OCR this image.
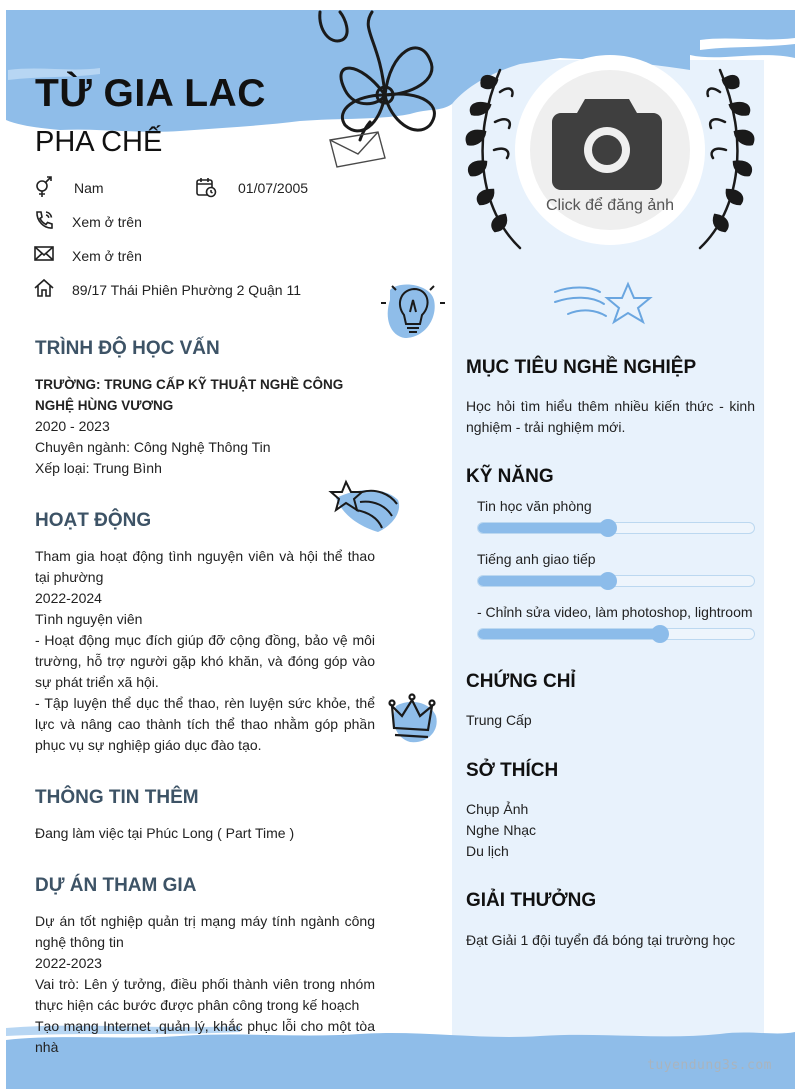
TỪ GIA LAC
PHA CHẾ
Nam	01/07/2005
Xem ở trên
Xem ở trên
89/17 Thái Phiên Phường 2 Quận 11
Click để đăng ảnh
TRÌNH ĐỘ HỌC VẤN
TRƯỜNG: TRUNG CẤP KỸ THUẬT NGHỀ CÔNG NGHỆ HÙNG VƯƠNG
2020 - 2023
Chuyên ngành: Công Nghệ Thông Tin
Xếp loại: Trung Bình
HOẠT ĐỘNG
Tham gia hoạt động tình nguyện viên và hội thể thao tại phường
2022-2024
Tình nguyện viên
- Hoạt động mục đích giúp đỡ cộng đồng, bảo vệ môi trường, hỗ trợ người gặp khó khăn, và đóng góp vào sự phát triển xã hội.
- Tập luyện thể dục thể thao, rèn luyện sức khỏe, thể lực và nâng cao thành tích thể thao nhằm góp phần phục vụ sự nghiệp giáo dục đào tạo.
THÔNG TIN THÊM
Đang làm việc tại Phúc Long ( Part Time )
DỰ ÁN THAM GIA
Dự án tốt nghiệp quản trị mạng máy tính ngành công nghệ thông tin
2022-2023
Vai trò: Lên ý tưởng, điều phối thành viên trong nhóm thực hiện các bước được phân công trong kế hoạch
Tạo mạng Internet ,quản lý, khắc phục lỗi cho một tòa nhà
MỤC TIÊU NGHỀ NGHIỆP
Học hỏi tìm hiểu thêm nhiều kiến thức - kinh nghiệm - trải nghiệm mới.
KỸ NĂNG
Tin học văn phòng
Tiếng anh giao tiếp
- Chỉnh sửa video, làm photoshop, lightroom
CHỨNG CHỈ
Trung Cấp
SỞ THÍCH
Chụp Ảnh
Nghe Nhạc
Du lịch
GIẢI THƯỞNG
Đạt Giải 1 đội tuyển đá bóng tại trường học
tuyendung3s.com
